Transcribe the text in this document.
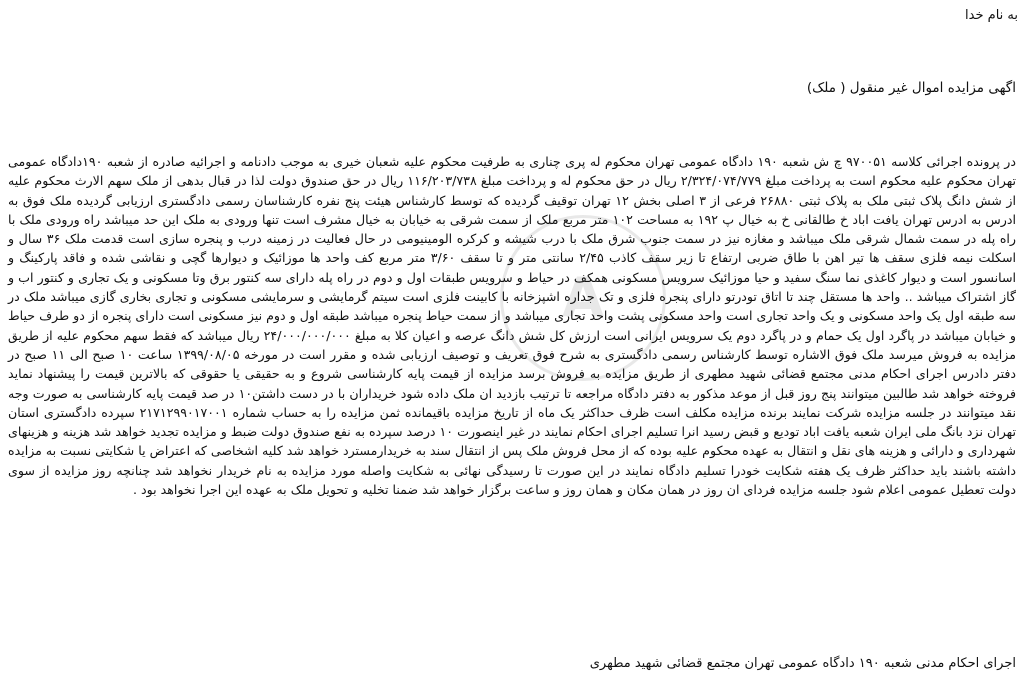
A
به نام خدا
اگهی مزایده اموال غیر منقول ( ملک)
در پرونده اجرائی کلاسه ۹۷۰۰۵۱ چ ش شعبه ۱۹۰ دادگاه عمومی تهران محکوم له پری چناری به طرفیت محکوم علیه شعبان خیری به موجب دادنامه و اجرائیه صادره از شعبه ۱۹۰دادگاه عمومی تهران محکوم علیه محکوم است به پرداخت مبلغ ۲/۳۲۴/۰۷۴/۷۷۹ ریال در حق محکوم له و پرداخت مبلغ ۱۱۶/۲۰۳/۷۳۸ ریال در حق صندوق دولت لذا در قبال بدهی از ملک سهم الارث محکوم علیه از شش دانگ پلاک ثبتی ملک به پلاک ثبتی ۲۶۸۸۰ فرعی از ۳ اصلی بخش ۱۲ تهران توقیف گردیده که توسط کارشناس هیئت پنج نفره کارشناسان رسمی دادگستری ارزیابی گردیده ملک فوق به ادرس به ادرس تهران یافت اباد خ طالقانی خ به خیال پ ۱۹۲ به مساحت ۱۰۲ متر مربع ملک از سمت شرقی به خیابان به خیال مشرف است تنها ورودی به ملک این حد میباشد راه ورودی ملک با راه پله در سمت شمال شرقی ملک میباشد و مغازه نیز در سمت جنوب شرق ملک با درب شیشه و کرکره الومینیومی در حال فعالیت در زمینه درب و پنجره سازی است قدمت ملک ۳۶ سال و اسکلت نیمه فلزی سقف ها تیر اهن با طاق ضربی ارتفاع تا زیر سقف کاذب ۲/۴۵ سانتی متر و تا سقف ۳/۶۰ متر مربع کف واحد ها موزائیک و دیوارها گچی و نقاشی شده و فاقد پارکینگ و اسانسور است و دیوار کاغذی نما سنگ سفید و حیا موزائیک سرویس مسکونی همکف در حیاط و سرویس طبقات اول و دوم در راه پله دارای سه کنتور برق وتا مسکونی و یک تجاری و کنتور اب و گاز اشتراک میباشد .. واحد ها مستقل چند تا اتاق تودرتو دارای پنجره فلزی و تک جداره اشپزخانه با کابینت فلزی است سیتم گرمایشی و سرمایشی مسکونی و تجاری بخاری گازی میباشد ملک در سه طبقه اول یک واحد مسکونی و یک واحد تجاری است واحد مسکونی پشت واحد تجاری میباشد و از سمت حیاط پنجره میباشد طبقه اول و دوم نیز مسکونی است دارای پنجره از دو طرف حیاط و خیابان میباشد در پاگرد اول یک حمام و در پاگرد دوم یک سرویس ایرانی است ارزش کل شش دانگ عرصه و اعیان کلا به مبلغ ۲۴/۰۰۰/۰۰۰/۰۰۰ ریال میباشد که فقط سهم محکوم علیه از طریق مزایده به فروش میرسد ملک فوق الاشاره توسط کارشناس رسمی دادگستری به شرح فوق تعریف و توصیف ارزیابی شده و مقرر است در مورخه ۱۳۹۹/۰۸/۰۵ ساعت ۱۰ صبح الی ۱۱ صبح در دفتر دادرس اجرای احکام مدنی مجتمع قضائی شهید مطهری از طریق مزایده به فروش برسد مزایده از قیمت پایه کارشناسی شروع و به حقیقی یا حقوقی که بالاترین قیمت را پیشنهاد نماید فروخته خواهد شد طالبین میتوانند پنج روز قبل از موعد مذکور به دفتر دادگاه مراجعه تا ترتیب بازدید ان ملک داده شود خریداران با در دست داشتن۱۰ در صد قیمت پایه کارشناسی به صورت وجه نقد میتوانند در جلسه مزایده شرکت نمایند برنده مزایده مکلف است ظرف حداکثر یک ماه از تاریخ مزایده باقیمانده ثمن مزایده را به حساب شماره ۲۱۷۱۲۹۹۰۱۷۰۰۱ سپرده دادگستری استان تهران نزد بانگ ملی ایران شعبه یافت اباد تودیع و قبض رسید انرا تسلیم اجرای احکام نمایند در غیر اینصورت ۱۰ درصد سپرده به نفع صندوق دولت ضبط و مزایده تجدید خواهد شد هزینه و هزینهای شهرداری و دارائی و هزینه های نقل و انتقال به عهده محکوم علیه بوده که از محل فروش ملک پس از انتقال سند به خریدارمسترد خواهد شد کلیه اشخاصی که اعتراض یا شکایتی نسبت به مزایده داشته باشند باید حداکثر ظرف یک هفته شکایت خودرا تسلیم دادگاه نمایند در این صورت تا رسیدگی نهائی به شکایت واصله مورد مزایده به نام خریدار نخواهد شد چنانچه روز مزایده از سوی دولت تعطیل عمومی اعلام شود جلسه مزایده فردای ان روز در همان مکان و همان روز و ساعت برگزار خواهد شد ضمنا تخلیه و تحویل ملک به عهده این اجرا نخواهد بود .
اجرای احکام مدنی شعبه ۱۹۰ دادگاه عمومی تهران مجتمع قضائی شهید مطهری
